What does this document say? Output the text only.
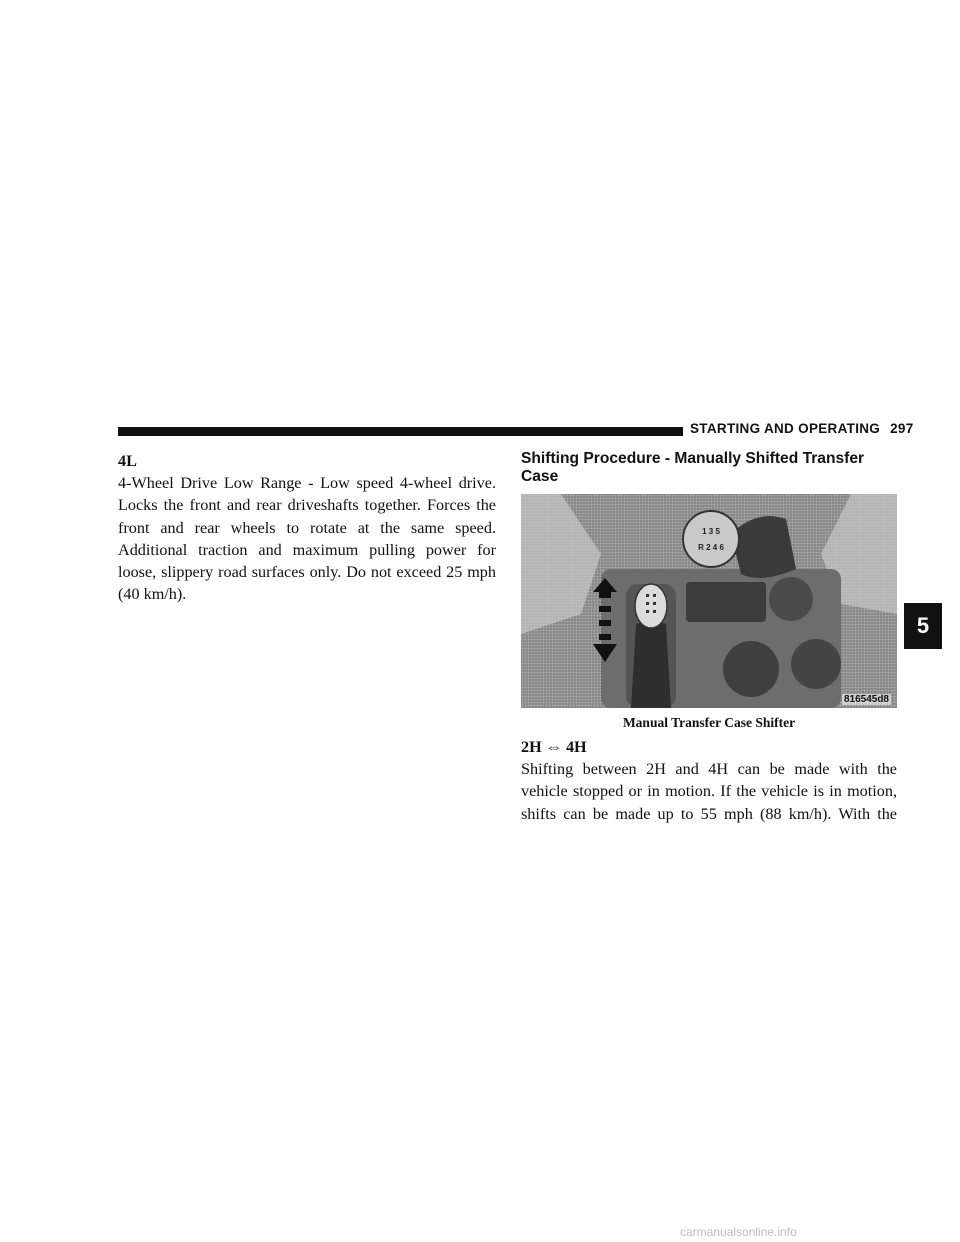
STARTING AND OPERATING 297
4L

4-Wheel Drive Low Range - Low speed 4-wheel drive. Locks the front and rear driveshafts together. Forces the front and rear wheels to rotate at the same speed. Additional traction and maximum pulling power for loose, slippery road surfaces only. Do not exceed 25 mph (40 km/h).

Shifting Procedure - Manually Shifted Transfer Case
1 3 5
R 2 4 6
816545d8
Manual Transfer Case Shifter
2H ⇔ 4H

Shifting between 2H and 4H can be made with the vehicle stopped or in motion. If the vehicle is in motion, shifts can be made up to 55 mph (88 km/h). With the

5
carmanualsonline.info
